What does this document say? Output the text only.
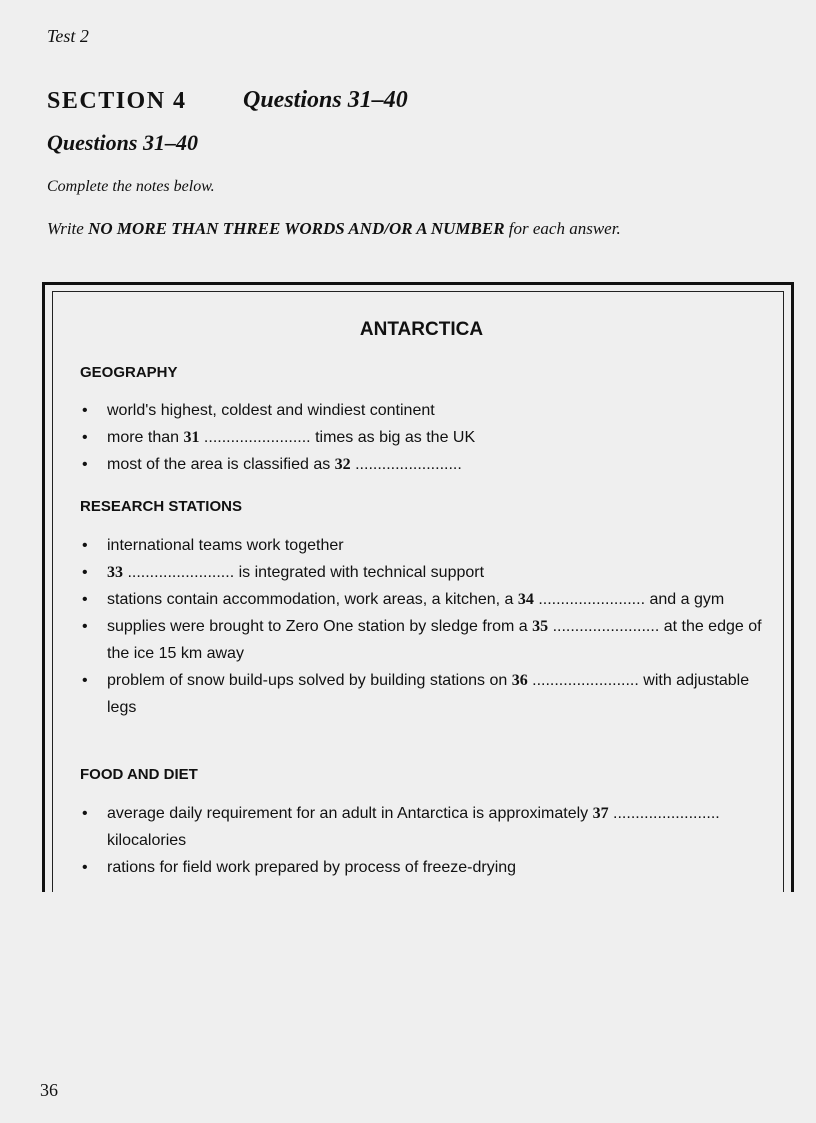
Test 2
SECTION 4 Questions 31–40
Questions 31–40
Complete the notes below.
Write NO MORE THAN THREE WORDS AND/OR A NUMBER for each answer.
ANTARCTICA
GEOGRAPHY
• world's highest, coldest and windiest continent
• more than 31 ........................ times as big as the UK
• most of the area is classified as 32 ........................
RESEARCH STATIONS
• international teams work together
• 33 ........................ is integrated with technical support
• stations contain accommodation, work areas, a kitchen, a 34 ........................ and a gym
• supplies were brought to Zero One station by sledge from a 35 ........................ at the edge of the ice 15 km away
• problem of snow build-ups solved by building stations on 36 ........................ with adjustable legs
FOOD AND DIET
• average daily requirement for an adult in Antarctica is approximately 37 ........................ kilocalories
• rations for field work prepared by process of freeze-drying
36
